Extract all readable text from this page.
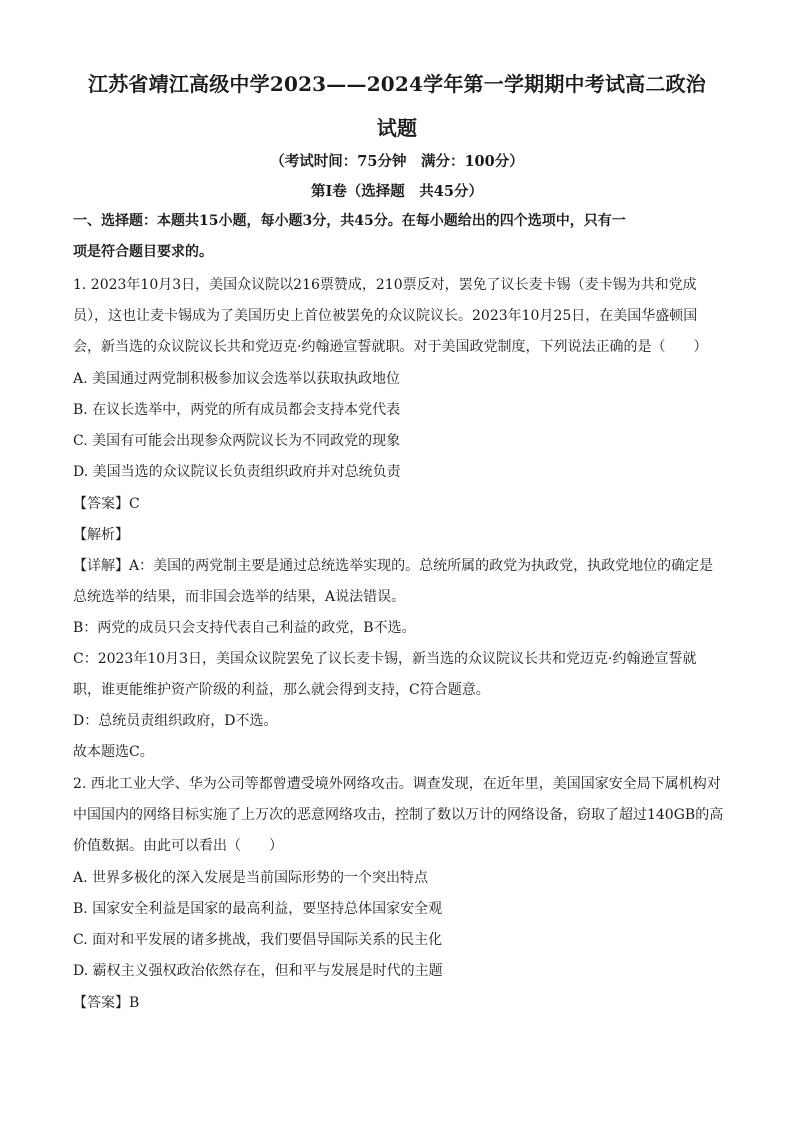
江苏省靖江高级中学2023——2024学年第一学期期中考试高二政治
试题
（考试时间：75分钟　满分：100分）
第Ⅰ卷（选择题　共45分）
一、选择题：本题共15小题，每小题3分，共45分。在每小题给出的四个选项中，只有一
项是符合题目要求的。
1. 2023年10月3日，美国众议院以216票赞成，210票反对，罢免了议长麦卡锡（麦卡锡为共和党成
员），这也让麦卡锡成为了美国历史上首位被罢免的众议院议长。2023年10月25日，在美国华盛顿国
会，新当选的众议院议长共和党迈克·约翰逊宣誓就职。对于美国政党制度，下列说法正确的是（　　）
A. 美国通过两党制积极参加议会选举以获取执政地位
B. 在议长选举中，两党的所有成员都会支持本党代表
C. 美国有可能会出现参众两院议长为不同政党的现象
D. 美国当选的众议院议长负责组织政府并对总统负责
【答案】C
【解析】
【详解】A：美国的两党制主要是通过总统选举实现的。总统所属的政党为执政党，执政党地位的确定是
总统选举的结果，而非国会选举的结果，A说法错误。
B：两党的成员只会支持代表自己利益的政党，B不选。
C：2023年10月3日，美国众议院罢免了议长麦卡锡，新当选的众议院议长共和党迈克·约翰逊宣誓就
职，谁更能维护资产阶级的利益，那么就会得到支持，C符合题意。
D：总统员责组织政府，D不选。
故本题选C。
2. 西北工业大学、华为公司等都曾遭受境外网络攻击。调查发现，在近年里，美国国家安全局下属机构对
中国国内的网络目标实施了上万次的恶意网络攻击，控制了数以万计的网络设备，窃取了超过140GB的高
价值数据。由此可以看出（　　）
A. 世界多极化的深入发展是当前国际形势的一个突出特点
B. 国家安全利益是国家的最高利益，要坚持总体国家安全观
C. 面对和平发展的诸多挑战，我们要倡导国际关系的民主化
D. 霸权主义强权政治依然存在，但和平与发展是时代的主题
【答案】B
